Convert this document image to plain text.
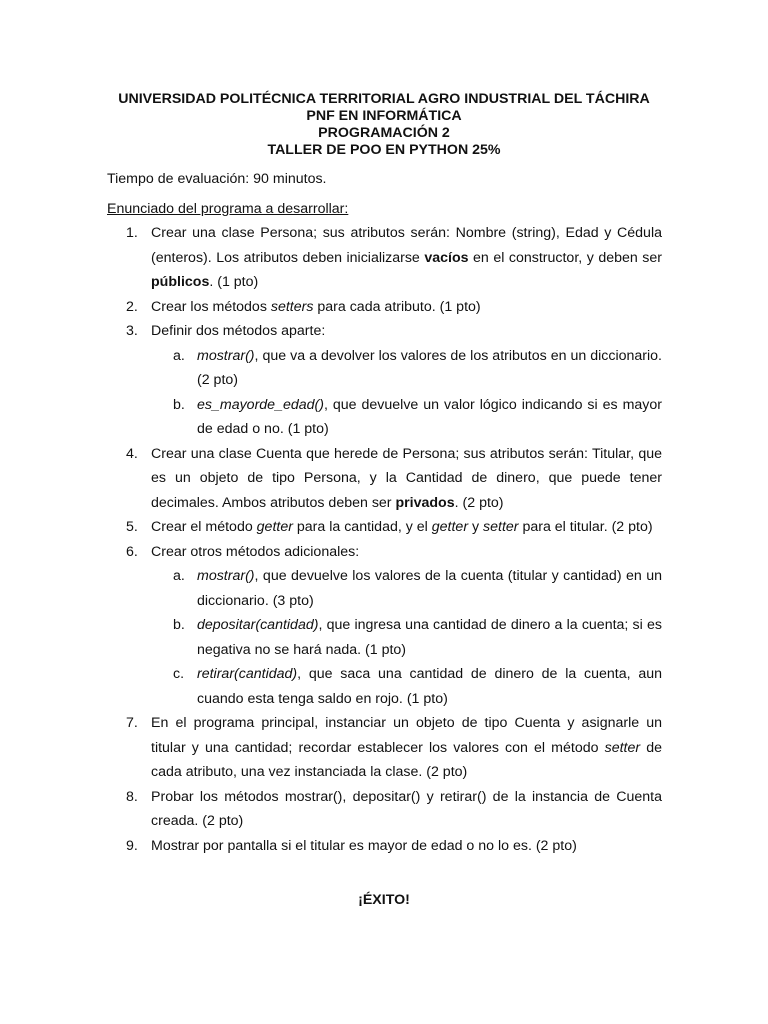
UNIVERSIDAD POLITÉCNICA TERRITORIAL AGRO INDUSTRIAL DEL TÁCHIRA
PNF EN INFORMÁTICA
PROGRAMACIÓN 2
TALLER DE POO EN PYTHON 25%
Tiempo de evaluación: 90 minutos.
Enunciado del programa a desarrollar:
1. Crear una clase Persona; sus atributos serán: Nombre (string), Edad y Cédula (enteros). Los atributos deben inicializarse vacíos en el constructor, y deben ser públicos. (1 pto)
2. Crear los métodos setters para cada atributo. (1 pto)
3. Definir dos métodos aparte:
a. mostrar(), que va a devolver los valores de los atributos en un diccionario. (2 pto)
b. es_mayorde_edad(), que devuelve un valor lógico indicando si es mayor de edad o no. (1 pto)
4. Crear una clase Cuenta que herede de Persona; sus atributos serán: Titular, que es un objeto de tipo Persona, y la Cantidad de dinero, que puede tener decimales. Ambos atributos deben ser privados. (2 pto)
5. Crear el método getter para la cantidad, y el getter y setter para el titular. (2 pto)
6. Crear otros métodos adicionales:
a. mostrar(), que devuelve los valores de la cuenta (titular y cantidad) en un diccionario. (3 pto)
b. depositar(cantidad), que ingresa una cantidad de dinero a la cuenta; si es negativa no se hará nada. (1 pto)
c. retirar(cantidad), que saca una cantidad de dinero de la cuenta, aun cuando esta tenga saldo en rojo. (1 pto)
7. En el programa principal, instanciar un objeto de tipo Cuenta y asignarle un titular y una cantidad; recordar establecer los valores con el método setter de cada atributo, una vez instanciada la clase. (2 pto)
8. Probar los métodos mostrar(), depositar() y retirar() de la instancia de Cuenta creada. (2 pto)
9. Mostrar por pantalla si el titular es mayor de edad o no lo es. (2 pto)
¡ÉXITO!
